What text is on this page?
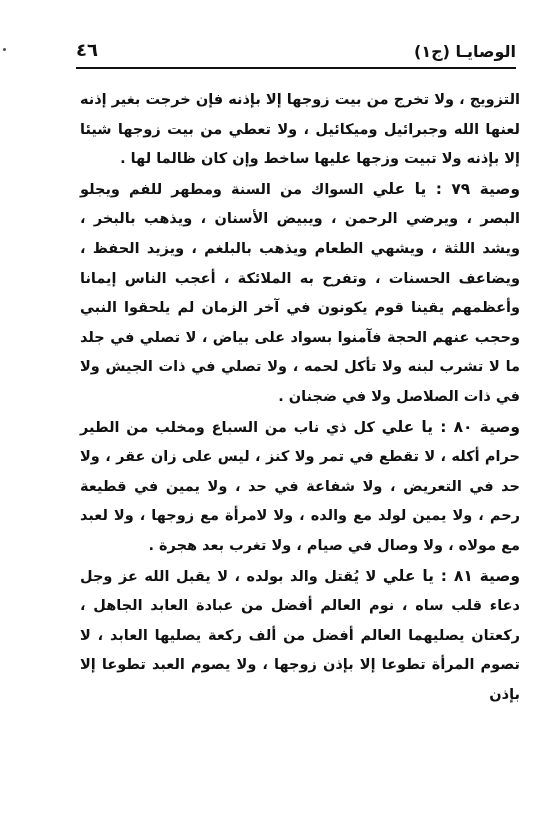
الوصايـا (ج١)
٤٦

التزويج ، ولا تخرج من بيت زوجها إلا بإذنه فإن خرجت بغير إذنه لعنها الله وجبرائيل وميكائيل ، ولا تعطي من بيت زوجها شيئا إلا بإذنه ولا تبيت وزجها عليها ساخط وإن كان ظالما لها .

وصية ٧٩ : يا علي السواك من السنة ومطهر للفم ويجلو البصر ، ويرضي الرحمن ، ويبيض الأسنان ، ويذهب بالبخر ، ويشد اللثة ، ويشهي الطعام ويذهب بالبلغم ، ويزيد الحفظ ، ويضاعف الحسنات ، وتفرح به الملائكة ، أعجب الناس إيمانا وأعظمهم يقينا قوم يكونون في آخر الزمان لم يلحقوا النبي وحجب عنهم الحجة فآمنوا بسواد على بياض ، لا تصلي في جلد ما لا تشرب لبنه ولا تأكل لحمه ، ولا تصلي في ذات الجيش ولا في ذات الصلاصل ولا في ضجنان .

وصية ٨٠ : يا علي كل ذي ناب من السباع ومخلب من الطير حرام أكله ، لا تقطع في تمر ولا كنز ، ليس على زان عقر ، ولا حد في التعريض ، ولا شفاعة في حد ، ولا يمين في قطيعة رحم ، ولا يمين لولد مع والده ، ولا لامرأة مع زوجها ، ولا لعبد مع مولاه ، ولا وصال في صيام ، ولا تغرب بعد هجرة .

وصية ٨١ : يا علي لا يُقتل والد بولده ، لا يقبل الله عز وجل دعاء قلب ساه ، نوم العالم أفضل من عبادة العابد الجاهل ، ركعتان يصليهما العالم أفضل من ألف ركعة يصليها العابد ، لا تصوم المرأة تطوعا إلا بإذن زوجها ، ولا يصوم العبد تطوعا إلا بإذن
